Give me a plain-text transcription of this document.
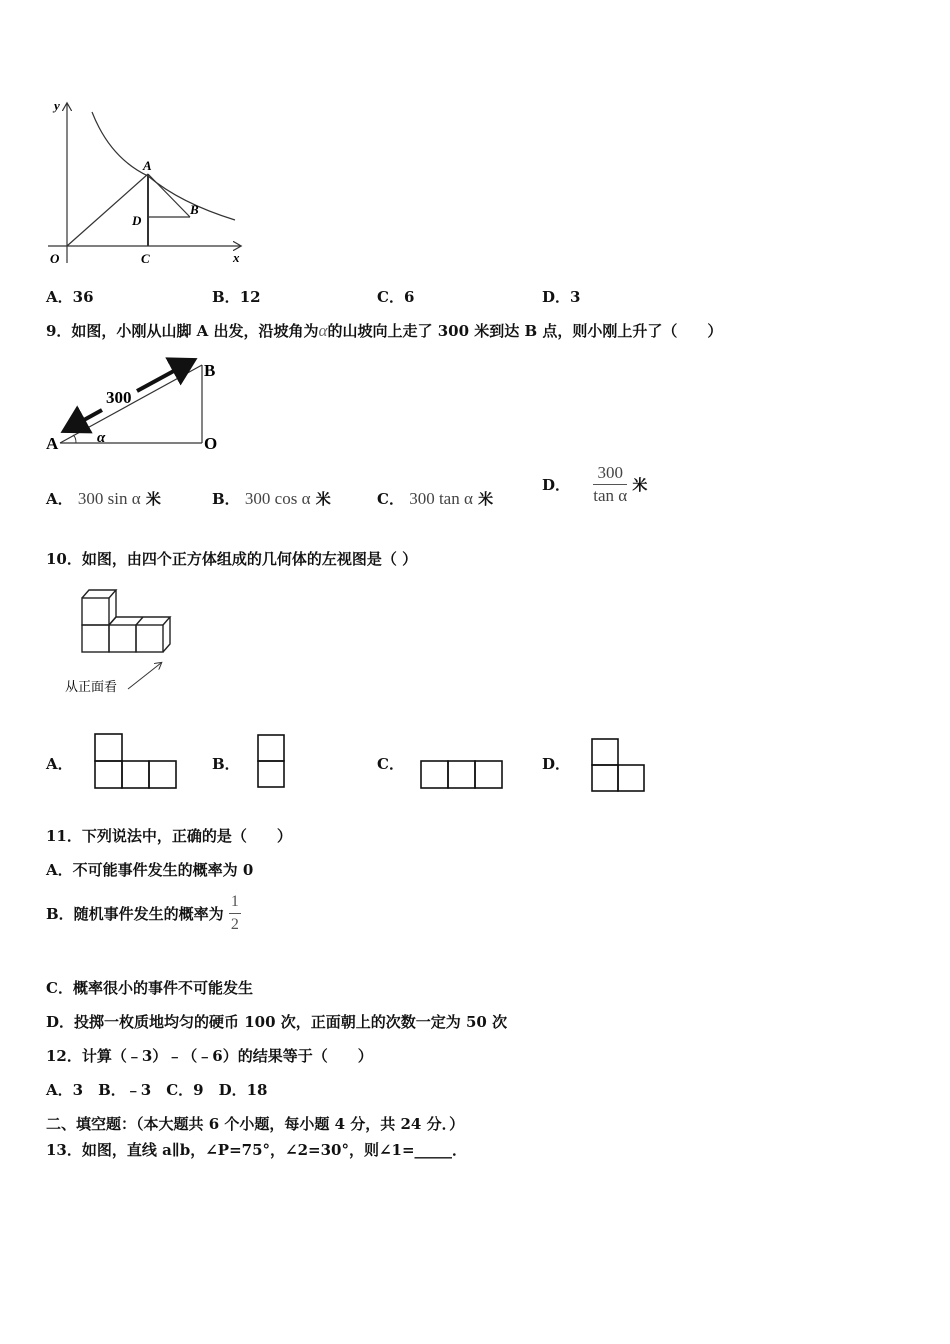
y
x
O
A
B
C
D
A．36	B．12	C．6	D．3
9．如图，小刚从山脚 A 出发，沿坡角为α的山坡向上走了 300 米到达 B 点，则小刚上升了（　　）
300
A
B
O
α
A． 300 sin α 米	B． 300 cos α 米	C． 300 tan α 米
D． $\frac{300}{\text{tan α}}$ 米
10．如图，由四个正方体组成的几何体的左视图是（ ）
从正面看
A．	B．	C．	D．
11．下列说法中，正确的是（　　）
A．不可能事件发生的概率为 0
B．随机事件发生的概率为 $\frac{1}{2}$
C．概率很小的事件不可能发生
D．投掷一枚质地均匀的硬币 100 次，正面朝上的次数一定为 50 次
12．计算（﹣3）﹣（﹣6）的结果等于（　　）
A．3　B．﹣3　C．9　D．18
二、填空题：（本大题共 6 个小题，每小题 4 分，共 24 分．）
13．如图，直线 a∥b，∠P=75°，∠2=30°，则∠1=_____．
